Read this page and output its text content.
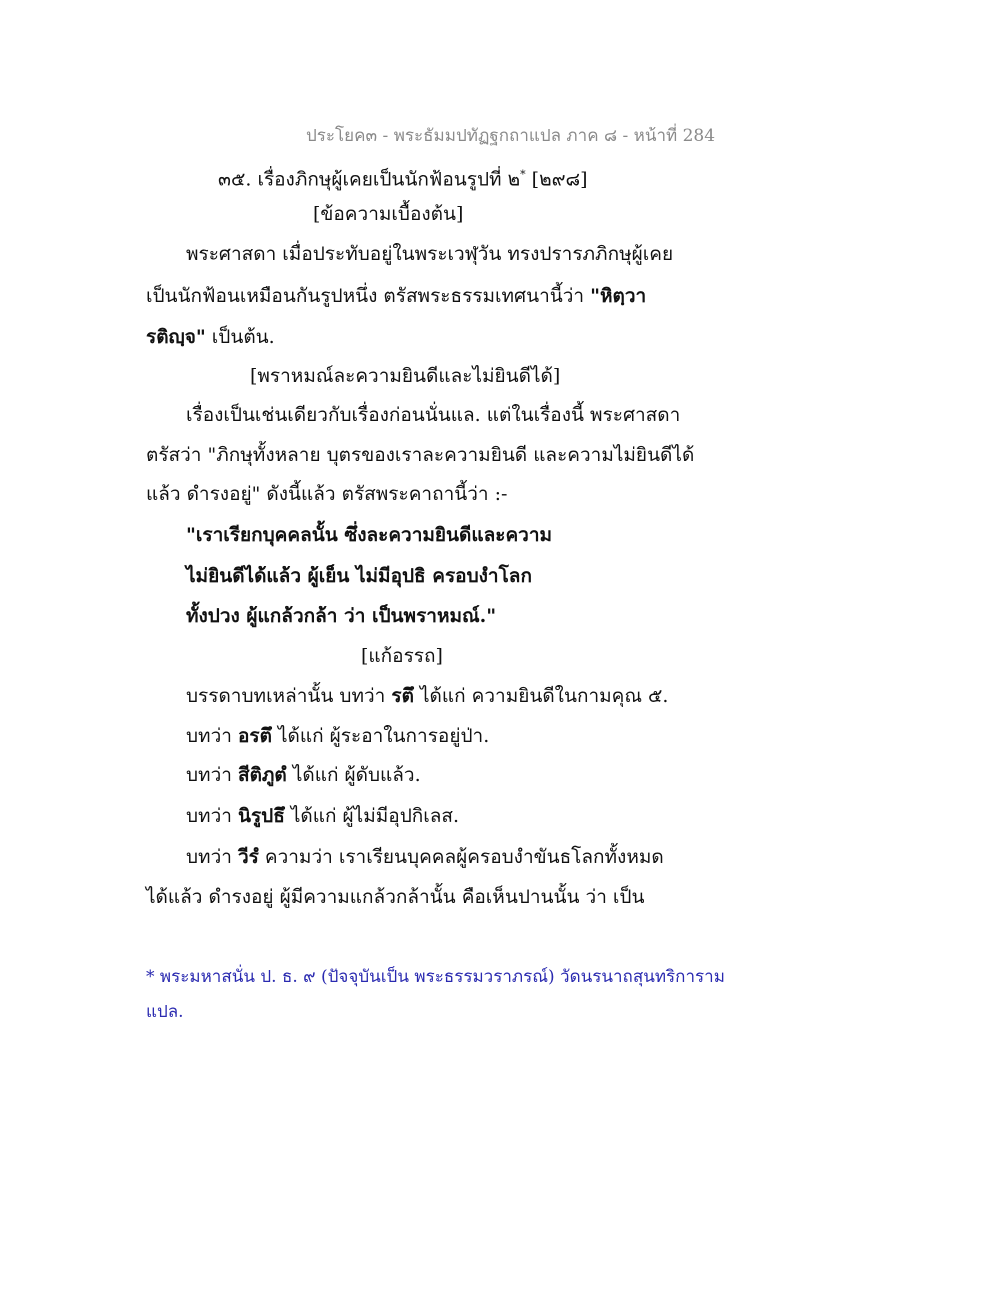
ประโยค๓ - พระธัมมปทัฏฐกถาแปล ภาค ๘ - หน้าที่ 284
๓๕. เรื่องภิกษุผู้เคยเป็นนักฟ้อนรูปที่ ๒* [๒๙๘]
[ข้อความเบื้องต้น]
พระศาสดา เมื่อประทับอยู่ในพระเวฬุวัน ทรงปรารภภิกษุผู้เคย
เป็นนักฟ้อนเหมือนกันรูปหนึ่ง ตรัสพระธรรมเทศนานี้ว่า "หิตฺวา
รติญฺจ" เป็นต้น.
[พราหมณ์ละความยินดีและไม่ยินดีได้]
เรื่องเป็นเช่นเดียวกับเรื่องก่อนนั่นแล. แต่ในเรื่องนี้ พระศาสดา
ตรัสว่า "ภิกษุทั้งหลาย บุตรของเราละความยินดี และความไม่ยินดีได้
แล้ว ดำรงอยู่" ดังนี้แล้ว ตรัสพระคาถานี้ว่า :-
"เราเรียกบุคคลนั้น ซึ่งละความยินดีและความ
ไม่ยินดีได้แล้ว ผู้เย็น ไม่มีอุปธิ ครอบงำโลก
ทั้งปวง ผู้แกล้วกล้า ว่า เป็นพราหมณ์."
[แก้อรรถ]
บรรดาบทเหล่านั้น บทว่า รตึ ได้แก่ ความยินดีในกามคุณ ๕.
บทว่า อรตึ ได้แก่ ผู้ระอาในการอยู่ป่า.
บทว่า สีติภูตํ ได้แก่ ผู้ดับแล้ว.
บทว่า นิรูปธึ ได้แก่ ผู้ไม่มีอุปกิเลส.
บทว่า วีรํ ความว่า เราเรียนบุคคลผู้ครอบงำขันธโลกทั้งหมด
ได้แล้ว ดำรงอยู่ ผู้มีความแกล้วกล้านั้น คือเห็นปานนั้น ว่า เป็น
* พระมหาสนั่น ป. ธ. ๙ (ปัจจุบันเป็น พระธรรมวราภรณ์) วัดนรนาถสุนทริการาม
แปล.
